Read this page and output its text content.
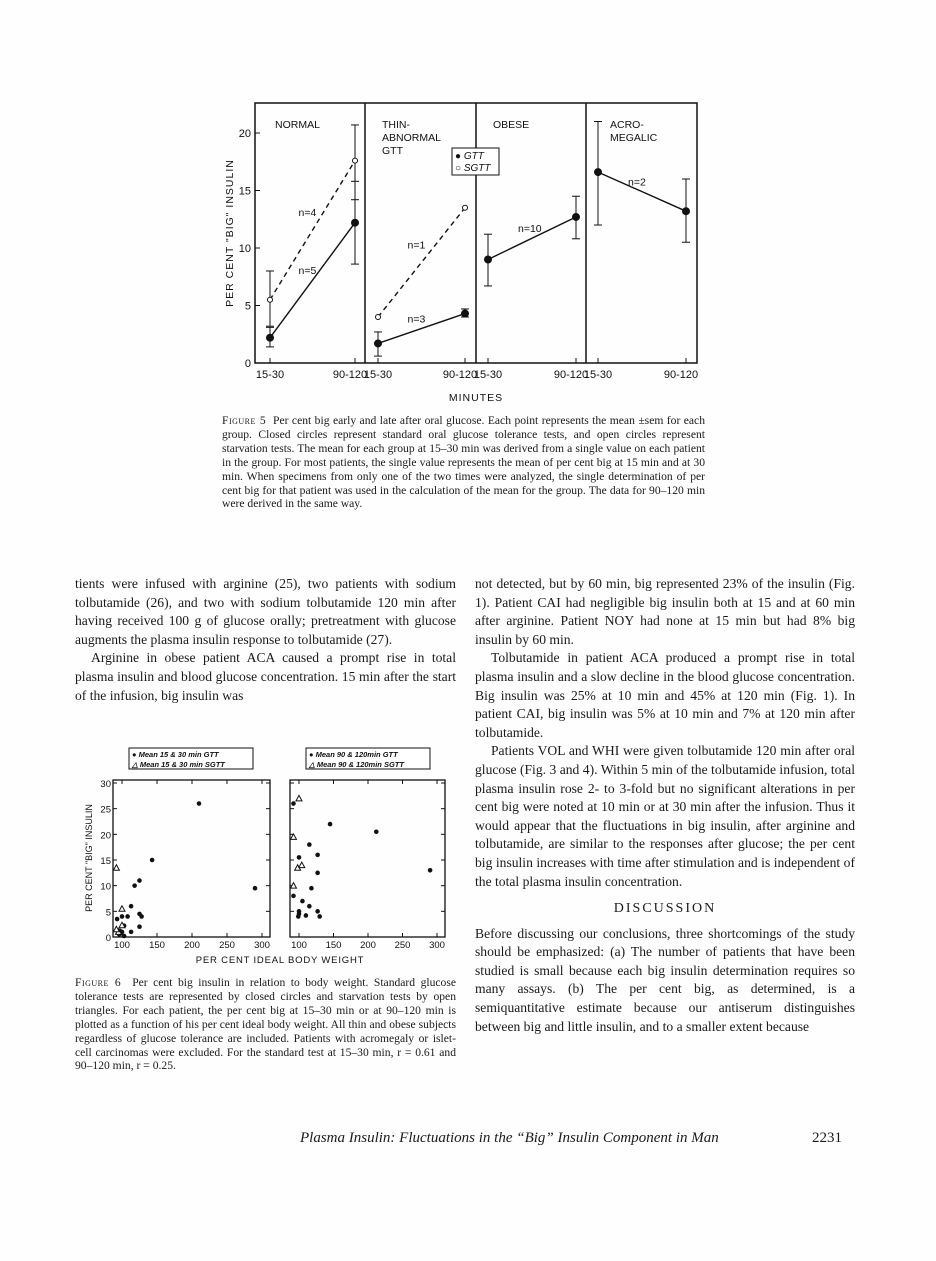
0
5
10
15
20
PER CENT "BIG" INSULIN
MINUTES
NORMAL
15-30	90-120
n=5
n=4
THIN-
ABNORMAL
GTT
15-30	90-120
n=3
n=1
OBESE
15-30	90-120
n=10
ACRO-
MEGALIC
15-30	90-120
n=2
● GTT
○ SGTT
Figure 5 Per cent big early and late after oral glucose. Each point represents the mean ±sem for each group. Closed circles represent standard oral glucose tolerance tests, and open circles represent starvation tests. The mean for each group at 15–30 min was derived from a single value on each patient in the group. For most patients, the single value represents the mean of per cent big at 15 min and at 30 min. When specimens from only one of the two times were analyzed, the single determination of per cent big for that patient was used in the calculation of the mean for the group. The data for 90–120 min were derived in the same way.

tients were infused with arginine (25), two patients with sodium tolbutamide (26), and two with sodium tolbutamide 120 min after having received 100 g of glucose orally; pretreatment with glucose augments the plasma insulin response to tolbutamide (27).

Arginine in obese patient ACA caused a prompt rise in total plasma insulin and blood glucose concentration. 15 min after the start of the infusion, big insulin was

100 150 200 250 300
0
5
10
15
20
25
30
● Mean 15 & 30 min GTT
△ Mean 15 & 30 min SGTT
100 150 200 250 300
● Mean 90 & 120min GTT
△ Mean 90 & 120min SGTT
PER CENT "BIG" INSULIN
PER CENT IDEAL BODY WEIGHT
Figure 6 Per cent big insulin in relation to body weight. Standard glucose tolerance tests are represented by closed circles and starvation tests by open triangles. For each patient, the per cent big at 15–30 min or at 90–120 min is plotted as a function of his per cent ideal body weight. All thin and obese subjects regardless of glucose tolerance are included. Patients with acromegaly or islet-cell carcinomas were excluded. For the standard test at 15–30 min, r = 0.61 and 90–120 min, r = 0.25.

not detected, but by 60 min, big represented 23% of the insulin (Fig. 1). Patient CAI had negligible big insulin both at 15 and at 60 min after arginine. Patient NOY had none at 15 min but had 8% big insulin by 60 min.

Tolbutamide in patient ACA produced a prompt rise in total plasma insulin and a slow decline in the blood glucose concentration. Big insulin was 25% at 10 min and 45% at 120 min (Fig. 1). In patient CAI, big insulin was 5% at 10 min and 7% at 120 min after tolbutamide.

Patients VOL and WHI were given tolbutamide 120 min after oral glucose (Fig. 3 and 4). Within 5 min of the tolbutamide infusion, total plasma insulin rose 2- to 3-fold but no significant alterations in per cent big were noted at 10 min or at 30 min after the infusion. Thus it would appear that the fluctuations in big insulin, after arginine and tolbutamide, are similar to the responses after glucose; the per cent big insulin increases with time after stimulation and is independent of the total plasma insulin concentration.

DISCUSSION

Before discussing our conclusions, three shortcomings of the study should be emphasized: (a) The number of patients that have been studied is small because each big insulin determination requires so many assays. (b) The per cent big, as determined, is a semiquantitative estimate because our antiserum distinguishes between big and little insulin, and to a smaller extent because

Plasma Insulin: Fluctuations in the “Big” Insulin Component in Man	2231
